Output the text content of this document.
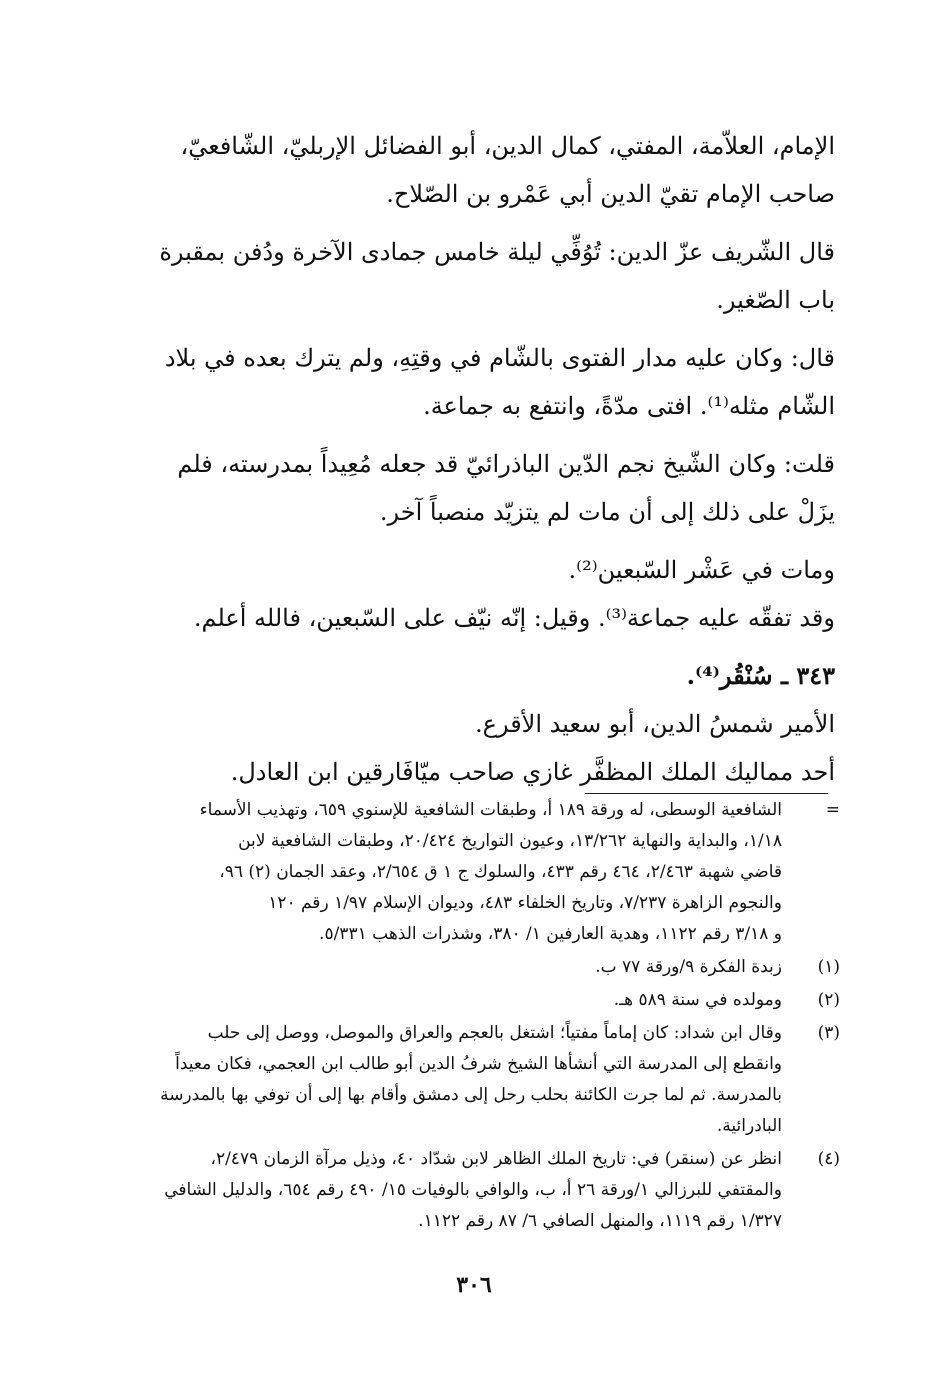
الإمام، العلاّمة، المفتي، كمال الدين، أبو الفضائل الإربليّ، الشّافعيّ،
صاحب الإمام تقيّ الدين أبي عَمْرو بن الصّلاح.

قال الشّريف عزّ الدين: تُوُفِّي ليلة خامس جمادى الآخرة ودُفن بمقبرة
باب الصّغير.

قال: وكان عليه مدار الفتوى بالشّام في وقتِهِ، ولم يترك بعده في بلاد
الشّام مثله⁽¹⁾. افتى مدّةً، وانتفع به جماعة.

قلت: وكان الشّيخ نجم الدّين الباذرائيّ قد جعله مُعِيداً بمدرسته، فلم
يزَلْ على ذلك إلى أن مات لم يتزيّد منصباً آخر.

ومات في عَشْر السّبعين⁽²⁾.
وقد تفقّه عليه جماعة⁽³⁾. وقيل: إنّه نيّف على السّبعين، فالله أعلم.

٣٤٣ ـ سُنْقُر⁽⁴⁾.
الأمير شمسُ الدين، أبو سعيد الأقرع.
أحد مماليك الملك المظفَّر غازي صاحب ميّافَارقين ابن العادل.

=
الشافعية الوسطى، له ورقة ١٨٩ أ، وطبقات الشافعية للإسنوي ٦٥٩، وتهذيب الأسماء
١/١٨، والبداية والنهاية ١٣/٢٦٢، وعيون التواريخ ٢٠/٤٢٤، وطبقات الشافعية لابن
قاضي شهبة ٢/٤٦٣، ٤٦٤ رقم ٤٣٣، والسلوك ج ١ ق ٢/٦٥٤، وعقد الجمان (٢) ٩٦،
والنجوم الزاهرة ٧/٢٣٧، وتاريخ الخلفاء ٤٨٣، وديوان الإسلام ١/٩٧ رقم ١٢٠
و ٣/١٨ رقم ١١٢٢، وهدية العارفين ١/ ٣٨٠، وشذرات الذهب ٥/٣٣١.
(١)
زبدة الفكرة ٩/ورقة ٧٧ ب.
(٢)
ومولده في سنة ٥٨٩ هـ.
(٣)
وقال ابن شداد: كان إماماً مفتياً؛ اشتغل بالعجم والعراق والموصل، ووصل إلى حلب
وانقطع إلى المدرسة التي أنشأها الشيخ شرفُ الدين أبو طالب ابن العجمي، فكان معيداً
بالمدرسة. ثم لما جرت الكائنة بحلب رحل إلى دمشق وأقام بها إلى أن توفي بها بالمدرسة
البادرائية.
(٤)
انظر عن (سنقر) في: تاريخ الملك الظاهر لابن شدّاد ٤٠، وذيل مرآة الزمان ٢/٤٧٩،
والمقتفي للبرزالي ١/ورقة ٢٦ أ، ب، والوافي بالوفيات ١٥/ ٤٩٠ رقم ٦٥٤، والدليل الشافي
١/٣٢٧ رقم ١١١٩، والمنهل الصافي ٦/ ٨٧ رقم ١١٢٢.
٣٠٦
